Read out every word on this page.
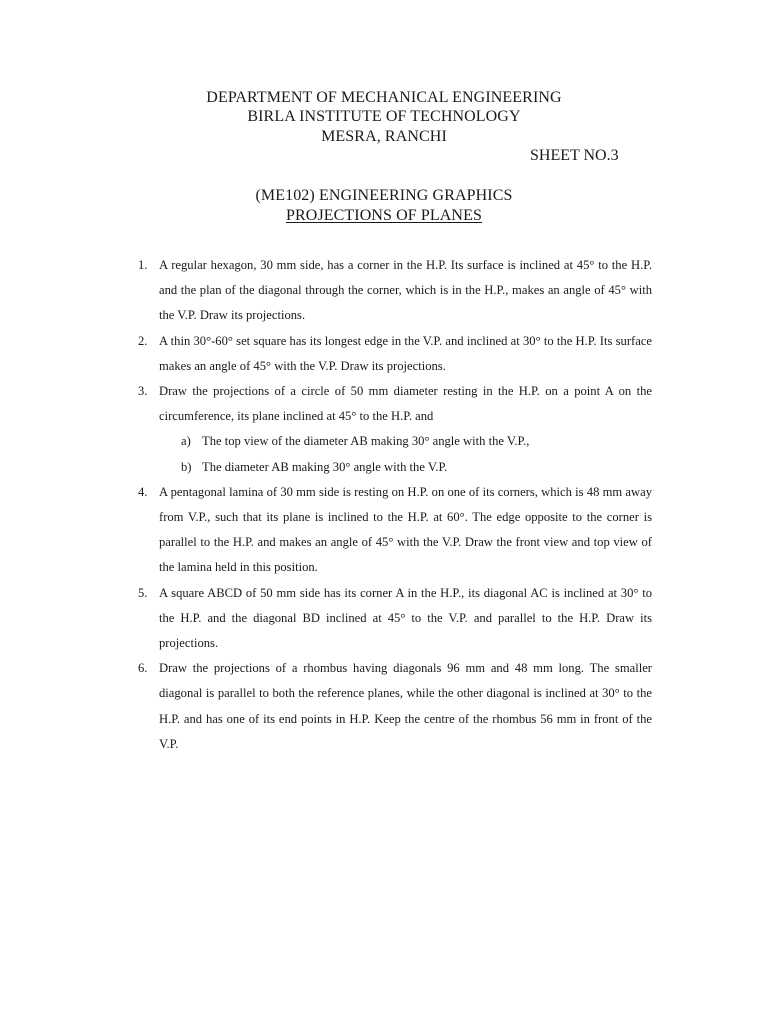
DEPARTMENT OF MECHANICAL ENGINEERING
BIRLA INSTITUTE OF TECHNOLOGY
MESRA, RANCHI
SHEET NO.3
(ME102) ENGINEERING GRAPHICS
PROJECTIONS OF PLANES
1. A regular hexagon, 30 mm side, has a corner in the H.P. Its surface is inclined at 45° to the H.P. and the plan of the diagonal through the corner, which is in the H.P., makes an angle of 45° with the V.P. Draw its projections.
2. A thin 30°-60° set square has its longest edge in the V.P. and inclined at 30° to the H.P. Its surface makes an angle of 45° with the V.P. Draw its projections.
3. Draw the projections of a circle of 50 mm diameter resting in the H.P. on a point A on the circumference, its plane inclined at 45° to the H.P. and
a) The top view of the diameter AB making 30° angle with the V.P.,
b) The diameter AB making 30° angle with the V.P.
4. A pentagonal lamina of 30 mm side is resting on H.P. on one of its corners, which is 48 mm away from V.P., such that its plane is inclined to the H.P. at 60°. The edge opposite to the corner is parallel to the H.P. and makes an angle of 45° with the V.P. Draw the front view and top view of the lamina held in this position.
5. A square ABCD of 50 mm side has its corner A in the H.P., its diagonal AC is inclined at 30° to the H.P. and the diagonal BD inclined at 45° to the V.P. and parallel to the H.P. Draw its projections.
6. Draw the projections of a rhombus having diagonals 96 mm and 48 mm long. The smaller diagonal is parallel to both the reference planes, while the other diagonal is inclined at 30° to the H.P. and has one of its end points in H.P. Keep the centre of the rhombus 56 mm in front of the V.P.
